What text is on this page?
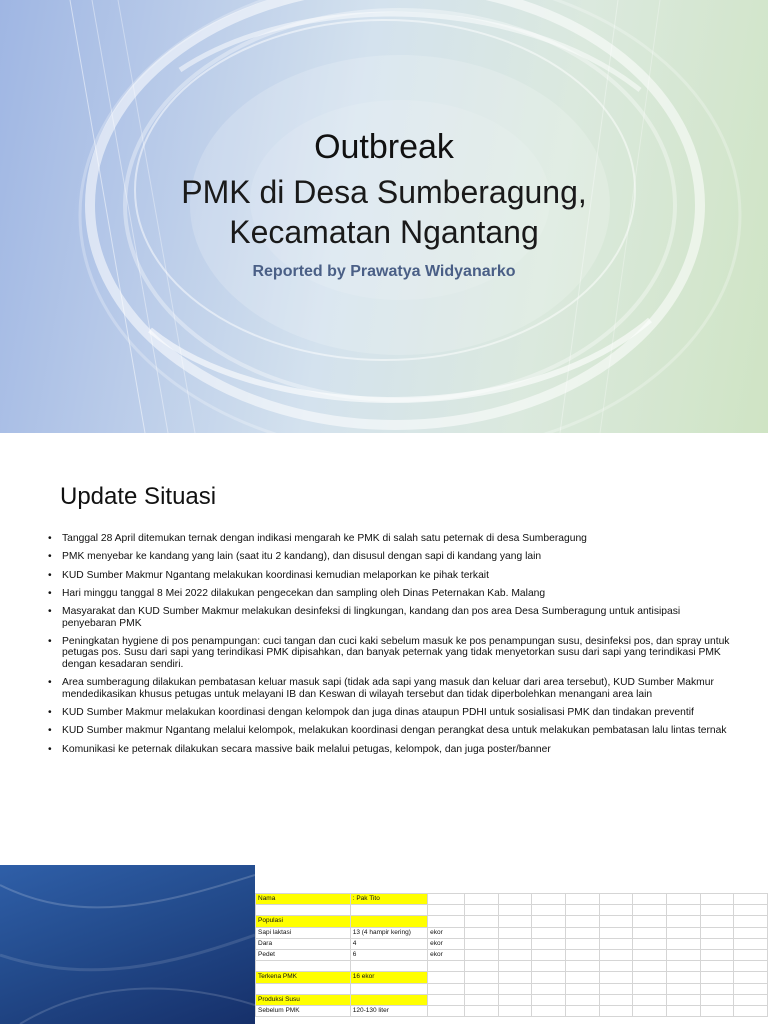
Outbreak
PMK di Desa Sumberagung,
Kecamatan Ngantang
Reported by Prawatya Widyanarko
Update Situasi
• Tanggal 28 April ditemukan ternak dengan indikasi mengarah ke PMK di salah satu peternak di desa Sumberagung
• PMK menyebar ke kandang yang lain (saat itu 2 kandang), dan disusul dengan sapi di kandang yang lain
• KUD Sumber Makmur Ngantang melakukan koordinasi kemudian melaporkan ke pihak terkait
• Hari minggu tanggal 8 Mei 2022 dilakukan pengecekan dan sampling oleh Dinas Peternakan Kab. Malang
• Masyarakat dan KUD Sumber Makmur melakukan desinfeksi di lingkungan, kandang dan pos area Desa Sumberagung untuk antisipasi penyebaran PMK
• Peningkatan hygiene di pos penampungan: cuci tangan dan cuci kaki sebelum masuk ke pos penampungan susu, desinfeksi pos, dan spray untuk petugas pos. Susu dari sapi yang terindikasi PMK dipisahkan, dan banyak peternak yang tidak menyetorkan susu dari sapi yang terindikasi PMK dengan kesadaran sendiri.
• Area sumberagung dilakukan pembatasan keluar masuk sapi (tidak ada sapi yang masuk dan keluar dari area tersebut), KUD Sumber Makmur mendedikasikan khusus petugas untuk melayani IB dan Keswan di wilayah tersebut dan tidak diperbolehkan menangani area lain
• KUD Sumber Makmur melakukan koordinasi dengan kelompok dan juga dinas ataupun PDHI untuk sosialisasi PMK dan tindakan preventif
• KUD Sumber makmur Ngantang melalui kelompok, melakukan koordinasi dengan perangkat desa untuk melakukan pembatasan lalu lintas ternak
• Komunikasi ke peternak dilakukan secara massive baik melalui petugas, kelompok, dan juga poster/banner
Nama	: Pak Tito										

Populasi											
Sapi laktasi	13 (4 hampir kering)	ekor									
Dara	4	ekor									
Pedet	6	ekor									

Terkena PMK	16 ekor										

Produksi Susu											
Sebelum PMK	120-130 liter										
